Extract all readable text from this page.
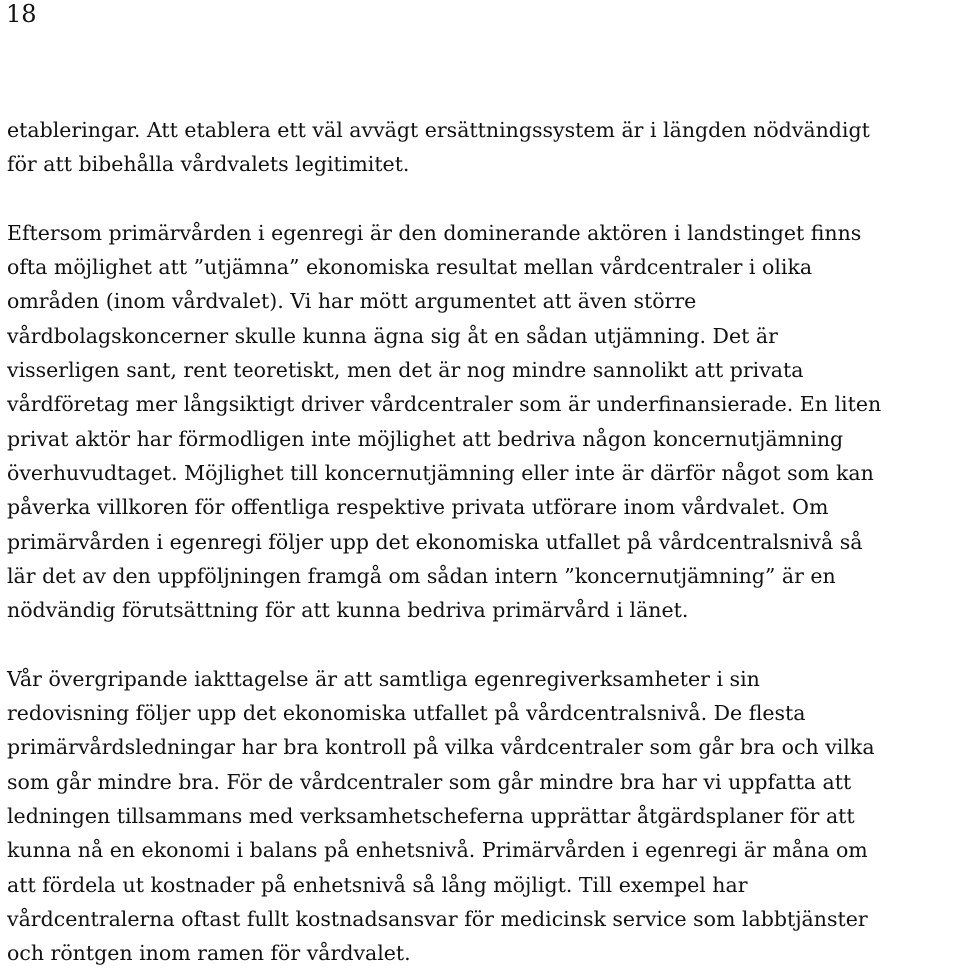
18

etableringar. Att etablera ett väl avvägt ersättningssystem är i längden nödvändigt
för att bibehålla vårdvalets legitimitet.

Eftersom primärvården i egenregi är den dominerande aktören i landstinget finns
ofta möjlighet att ”utjämna” ekonomiska resultat mellan vårdcentraler i olika
områden (inom vårdvalet). Vi har mött argumentet att även större
vårdbolagskoncerner skulle kunna ägna sig åt en sådan utjämning. Det är
visserligen sant, rent teoretiskt, men det är nog mindre sannolikt att privata
vårdföretag mer långsiktigt driver vårdcentraler som är underfinansierade. En liten
privat aktör har förmodligen inte möjlighet att bedriva någon koncernutjämning
överhuvudtaget. Möjlighet till koncernutjämning eller inte är därför något som kan
påverka villkoren för offentliga respektive privata utförare inom vårdvalet. Om
primärvården i egenregi följer upp det ekonomiska utfallet på vårdcentralsnivå så
lär det av den uppföljningen framgå om sådan intern ”koncernutjämning” är en
nödvändig förutsättning för att kunna bedriva primärvård i länet.

Vår övergripande iakttagelse är att samtliga egenregiverksamheter i sin
redovisning följer upp det ekonomiska utfallet på vårdcentralsnivå. De flesta
primärvårdsledningar har bra kontroll på vilka vårdcentraler som går bra och vilka
som går mindre bra. För de vårdcentraler som går mindre bra har vi uppfatta att
ledningen tillsammans med verksamhetscheferna upprättar åtgärdsplaner för att
kunna nå en ekonomi i balans på enhetsnivå. Primärvården i egenregi är måna om
att fördela ut kostnader på enhetsnivå så lång möjligt. Till exempel har
vårdcentralerna oftast fullt kostnadsansvar för medicinsk service som labbtjänster
och röntgen inom ramen för vårdvalet.
